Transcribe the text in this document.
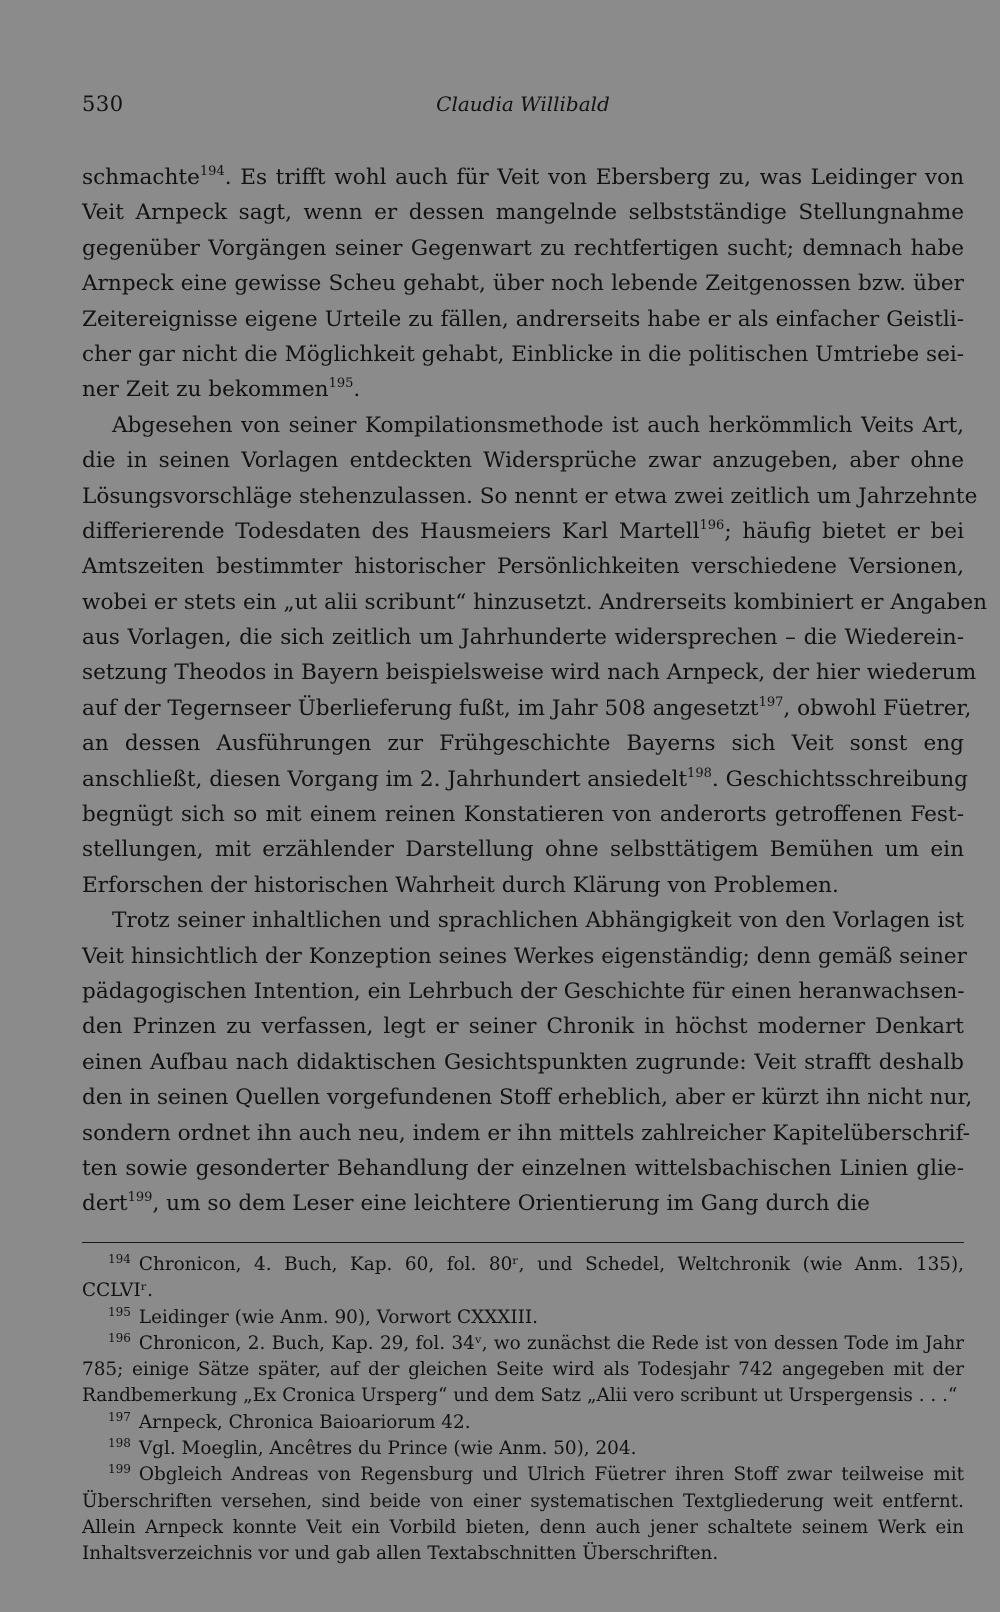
530	Claudia Willibald
schmachte$^{194}$. Es trifft wohl auch für Veit von Ebersberg zu, was Leidinger von
Veit Arnpeck sagt, wenn er dessen mangelnde selbstständige Stellungnahme
gegenüber Vorgängen seiner Gegenwart zu rechtfertigen sucht; demnach habe
Arnpeck eine gewisse Scheu gehabt, über noch lebende Zeitgenossen bzw. über
Zeitereignisse eigene Urteile zu fällen, andrerseits habe er als einfacher Geistli-
cher gar nicht die Möglichkeit gehabt, Einblicke in die politischen Umtriebe sei-
ner Zeit zu bekommen$^{195}$.
Abgesehen von seiner Kompilationsmethode ist auch herkömmlich Veits Art,
die in seinen Vorlagen entdeckten Widersprüche zwar anzugeben, aber ohne
Lösungsvorschläge stehenzulassen. So nennt er etwa zwei zeitlich um Jahrzehnte
differierende Todesdaten des Hausmeiers Karl Martell$^{196}$; häufig bietet er bei
Amtszeiten bestimmter historischer Persönlichkeiten verschiedene Versionen,
wobei er stets ein „ut alii scribunt“ hinzusetzt. Andrerseits kombiniert er Angaben
aus Vorlagen, die sich zeitlich um Jahrhunderte widersprechen – die Wiederein-
setzung Theodos in Bayern beispielsweise wird nach Arnpeck, der hier wiederum
auf der Tegernseer Überlieferung fußt, im Jahr 508 angesetzt$^{197}$, obwohl Füetrer,
an dessen Ausführungen zur Frühgeschichte Bayerns sich Veit sonst eng
anschließt, diesen Vorgang im 2. Jahrhundert ansiedelt$^{198}$. Geschichtsschreibung
begnügt sich so mit einem reinen Konstatieren von anderorts getroffenen Fest-
stellungen, mit erzählender Darstellung ohne selbsttätigem Bemühen um ein
Erforschen der historischen Wahrheit durch Klärung von Problemen.
Trotz seiner inhaltlichen und sprachlichen Abhängigkeit von den Vorlagen ist
Veit hinsichtlich der Konzeption seines Werkes eigenständig; denn gemäß seiner
pädagogischen Intention, ein Lehrbuch der Geschichte für einen heranwachsen-
den Prinzen zu verfassen, legt er seiner Chronik in höchst moderner Denkart
einen Aufbau nach didaktischen Gesichtspunkten zugrunde: Veit strafft deshalb
den in seinen Quellen vorgefundenen Stoff erheblich, aber er kürzt ihn nicht nur,
sondern ordnet ihn auch neu, indem er ihn mittels zahlreicher Kapitelüberschrif-
ten sowie gesonderter Behandlung der einzelnen wittelsbachischen Linien glie-
dert$^{199}$, um so dem Leser eine leichtere Orientierung im Gang durch die
$^{194}$ Chronicon, 4. Buch, Kap. 60, fol. 80ʳ, und Schedel, Weltchronik (wie Anm. 135),
CCLVIʳ.
$^{195}$ Leidinger (wie Anm. 90), Vorwort CXXXIII.
$^{196}$ Chronicon, 2. Buch, Kap. 29, fol. 34ᵛ, wo zunächst die Rede ist von dessen Tode im Jahr
785; einige Sätze später, auf der gleichen Seite wird als Todesjahr 742 angegeben mit der
Randbemerkung „Ex Cronica Ursperg“ und dem Satz „Alii vero scribunt ut Urspergensis . . .“
$^{197}$ Arnpeck, Chronica Baioariorum 42.
$^{198}$ Vgl. Moeglin, Ancêtres du Prince (wie Anm. 50), 204.
$^{199}$ Obgleich Andreas von Regensburg und Ulrich Füetrer ihren Stoff zwar teilweise mit
Überschriften versehen, sind beide von einer systematischen Textgliederung weit entfernt.
Allein Arnpeck konnte Veit ein Vorbild bieten, denn auch jener schaltete seinem Werk ein
Inhaltsverzeichnis vor und gab allen Textabschnitten Überschriften.
